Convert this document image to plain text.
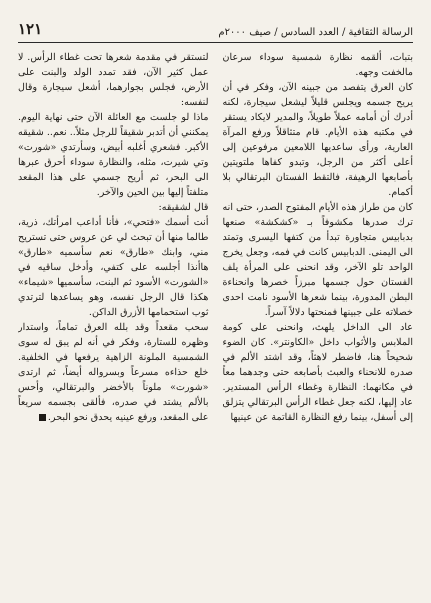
١٢١	الرسالة الثقافية / العدد السادس / صيف ٢٠٠٠م

بتبات، ألقمه نظارة شمسية سوداء سرعان مالخفت وجهه.

كان العرق يتفصد من جبينه الآن، وفكر في أن يريح جسمه ويجلس قليلاً ليشعل سيجارة، لكنه أدرك أن أمامه عملاً طويلاً، والمدير لايكاد يستقر في مكتبه هذه الأيام. قام متثاقلاً ورفع المرآة العارية، ورأى ساعديها اللامعين مرفوعين إلى أعلى أكثر من الرجل، وتبدو كفاها ملتويتين بأصابعها الرهيفة، فالتقط الفستان البرتقالي بلا أكمام.

كان من طراز هذه الأيام المفتوح الصدر، حتى انه ترك صدرها مكشوفاً بـ «كشكشة» صنعها بدبابيس متجاورة تبدأ من كتفها اليسرى وتمتد الى اليمنى. الدبابيس كانت في فمه، وجعل يخرج الواحد تلو الآخر، وقد انحنى على المرأة يلف الفستان حول جسمها مبرزاً خصرها وانحناءة البطن المدورة، بينما شعرها الأسود نامت احدى خصلاته على جبينها فمنحتها دلالاً آسراً.

عاد الى الداخل يلهث، وانحنى على كومة الملابس والأثواب داخل «الكاونتر». كان الضوء شحيحاً هنا، فاضطر لاهثاً، وقد اشتد الألم في صدره للانحناء والعبث بأصابعه حتى وجدهما معاً في مكانهما: النظارة وغطاء الرأس المستدير. عاد إليها، لكنه جعل غطاء الرأس البرتقالي يتزلق إلى أسفل، بينما رفع النظارة القاتمة عن عينيها

لتستقر في مقدمة شعرها تحت غطاء الرأس. لا عمل كثير الآن، فقد تمدد الولد والبنت على الأرض، فجلس بجوارهما، أشعل سيجارة وقال لنفسه:

ماذا لو جلست مع العائلة الآن حتى نهاية اليوم. يمكنني أن أتدبر شقيقاً للرجل مثلاً.. نعم.. شقيقه الأكبر. فشعري أغلبه أبيض، وسأرتدي «شورت» وتي شيرت، مثله، والنظارة سوداء أحرق عبرها الى البحر، ثم أريح جسمي على هذا المقعد متلفتاً إليها بين الحين والآخر.

قال لشقيقه:

أنت أسمك «فتحي»، فأنا أداعب امرأتك، ذرية، طالما منها أن تبحث لي عن عروس حتى تستريح مني، وابنك «طارق» نعم سأسميه «طارق» هاأنذا أجلسه على كتفي، وأدخل ساقيه في «الشورت» الأسود ثم البنت، سأسميها «شيماء» هكذا قال الرجل نفسه، وهو يساعدها لترتدي ثوب استحمامها الأزرق الداكن.

سحب مقعداً وقد بلله العرق تماماً، واستدار وظهره للستارة، وفكر في أنه لم يبق له سوى الشمسية الملونة الزاهية يرفعها في الخلفية. خلع حذاءه مسرعاً وبسرواله أيضاً، ثم ارتدى «شورت» ملوناً بالأخضر والبرتقالي، وأحس بالألم يشتد في صدره، فألقى بجسمه سريعاً على المقعد، ورفع عينيه يحدق نحو البحر.
